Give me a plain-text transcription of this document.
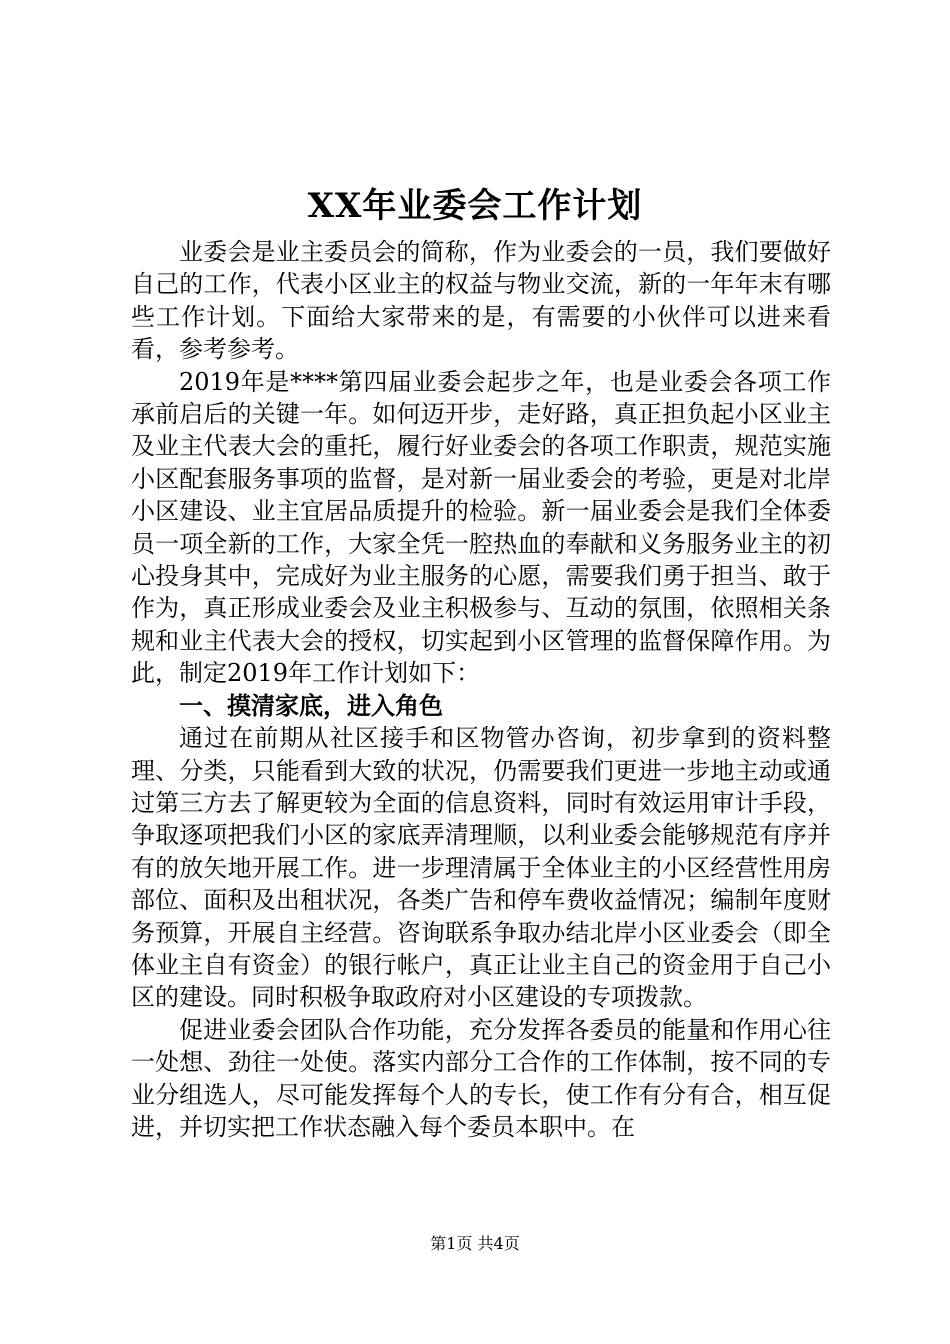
XX年业委会工作计划

业委会是业主委员会的简称，作为业委会的一员，我们要做好自己的工作，代表小区业主的权益与物业交流，新的一年年末有哪些工作计划。下面给大家带来的是，有需要的小伙伴可以进来看看，参考参考。

2019年是****第四届业委会起步之年，也是业委会各项工作承前启后的关键一年。如何迈开步，走好路，真正担负起小区业主及业主代表大会的重托，履行好业委会的各项工作职责，规范实施小区配套服务事项的监督，是对新一届业委会的考验，更是对北岸小区建设、业主宜居品质提升的检验。新一届业委会是我们全体委员一项全新的工作，大家全凭一腔热血的奉献和义务服务业主的初心投身其中，完成好为业主服务的心愿，需要我们勇于担当、敢于作为，真正形成业委会及业主积极参与、互动的氛围，依照相关条规和业主代表大会的授权，切实起到小区管理的监督保障作用。为此，制定2019年工作计划如下：

一、摸清家底，进入角色

通过在前期从社区接手和区物管办咨询，初步拿到的资料整理、分类，只能看到大致的状况，仍需要我们更进一步地主动或通过第三方去了解更较为全面的信息资料，同时有效运用审计手段，争取逐项把我们小区的家底弄清理顺，以利业委会能够规范有序并有的放矢地开展工作。进一步理清属于全体业主的小区经营性用房部位、面积及出租状况，各类广告和停车费收益情况；编制年度财务预算，开展自主经营。咨询联系争取办结北岸小区业委会（即全体业主自有资金）的银行帐户，真正让业主自己的资金用于自己小区的建设。同时积极争取政府对小区建设的专项拨款。

促进业委会团队合作功能，充分发挥各委员的能量和作用心往一处想、劲往一处使。落实内部分工合作的工作体制，按不同的专业分组选人，尽可能发挥每个人的专长，使工作有分有合，相互促进，并切实把工作状态融入每个委员本职中。在

第1页 共4页
